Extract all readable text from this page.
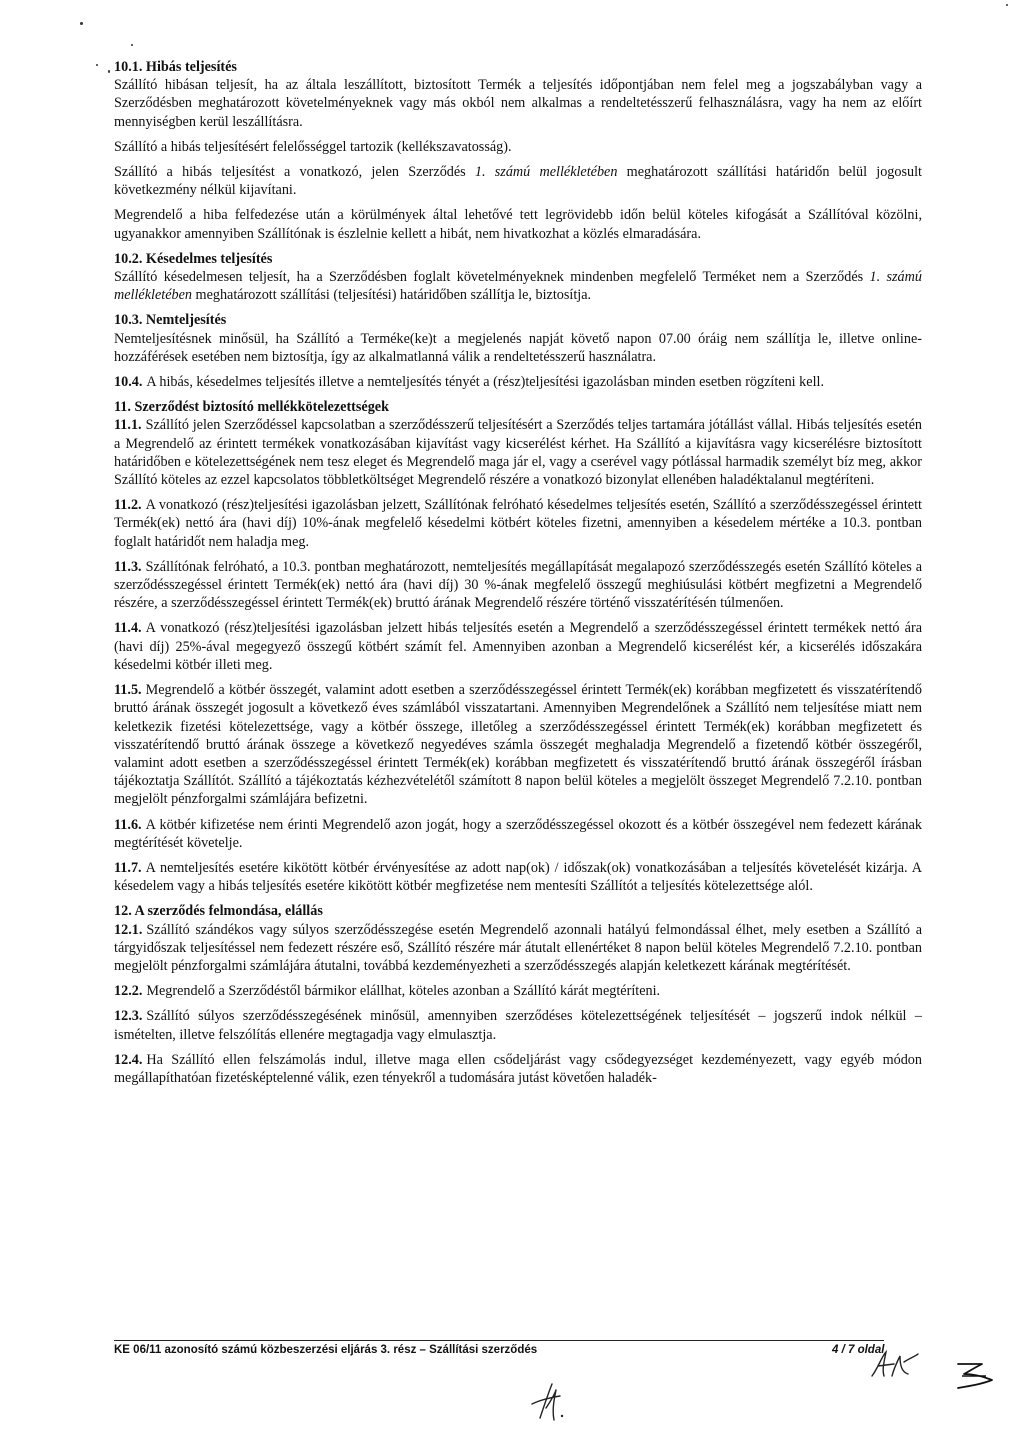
10.1. Hibás teljesítés

Szállító hibásan teljesít, ha az általa leszállított, biztosított Termék a teljesítés időpontjában nem felel meg a jogszabályban vagy a Szerződésben meghatározott követelményeknek vagy más okból nem alkalmas a rendeltetésszerű felhasználásra, vagy ha nem az előírt mennyiségben kerül leszállításra.

Szállító a hibás teljesítésért felelősséggel tartozik (kellékszavatosság).

Szállító a hibás teljesítést a vonatkozó, jelen Szerződés 1. számú mellékletében meghatározott szállítási határidőn belül jogosult következmény nélkül kijavítani.

Megrendelő a hiba felfedezése után a körülmények által lehetővé tett legrövidebb időn belül köteles kifogását a Szállítóval közölni, ugyanakkor amennyiben Szállítónak is észlelnie kellett a hibát, nem hivatkozhat a közlés elmaradására.

10.2. Késedelmes teljesítés

Szállító késedelmesen teljesít, ha a Szerződésben foglalt követelményeknek mindenben megfelelő Terméket nem a Szerződés 1. számú mellékletében meghatározott szállítási (teljesítési) határidőben szállítja le, biztosítja.

10.3. Nemteljesítés

Nemteljesítésnek minősül, ha Szállító a Terméke(ke)t a megjelenés napját követő napon 07.00 óráig nem szállítja le, illetve online-hozzáférések esetében nem biztosítja, így az alkalmatlanná válik a rendeltetésszerű használatra.

10.4. A hibás, késedelmes teljesítés illetve a nemteljesítés tényét a (rész)teljesítési igazolásban minden esetben rögzíteni kell.

11. Szerződést biztosító mellékkötelezettségek

11.1. Szállító jelen Szerződéssel kapcsolatban a szerződésszerű teljesítésért a Szerződés teljes tartamára jótállást vállal. Hibás teljesítés esetén a Megrendelő az érintett termékek vonatkozásában kijavítást vagy kicserélést kérhet. Ha Szállító a kijavításra vagy kicserélésre biztosított határidőben e kötelezettségének nem tesz eleget és Megrendelő maga jár el, vagy a cserével vagy pótlással harmadik személyt bíz meg, akkor Szállító köteles az ezzel kapcsolatos többletköltséget Megrendelő részére a vonatkozó bizonylat ellenében haladéktalanul megtéríteni.

11.2. A vonatkozó (rész)teljesítési igazolásban jelzett, Szállítónak felróható késedelmes teljesítés esetén, Szállító a szerződésszegéssel érintett Termék(ek) nettó ára (havi díj) 10%-ának megfelelő késedelmi kötbért köteles fizetni, amennyiben a késedelem mértéke a 10.3. pontban foglalt határidőt nem haladja meg.

11.3. Szállítónak felróható, a 10.3. pontban meghatározott, nemteljesítés megállapítását megalapozó szerződésszegés esetén Szállító köteles a szerződésszegéssel érintett Termék(ek) nettó ára (havi díj) 30 %-ának megfelelő összegű meghiúsulási kötbért megfizetni a Megrendelő részére, a szerződésszegéssel érintett Termék(ek) bruttó árának Megrendelő részére történő visszatérítésén túlmenően.

11.4. A vonatkozó (rész)teljesítési igazolásban jelzett hibás teljesítés esetén a Megrendelő a szerződésszegéssel érintett termékek nettó ára (havi díj) 25%-ával megegyező összegű kötbért számít fel. Amennyiben azonban a Megrendelő kicserélést kér, a kicserélés időszakára késedelmi kötbér illeti meg.

11.5. Megrendelő a kötbér összegét, valamint adott esetben a szerződésszegéssel érintett Termék(ek) korábban megfizetett és visszatérítendő bruttó árának összegét jogosult a következő éves számlából visszatartani. Amennyiben Megrendelőnek a Szállító nem teljesítése miatt nem keletkezik fizetési kötelezettsége, vagy a kötbér összege, illetőleg a szerződésszegéssel érintett Termék(ek) korábban megfizetett és visszatérítendő bruttó árának összege a következő negyedéves számla összegét meghaladja Megrendelő a fizetendő kötbér összegéről, valamint adott esetben a szerződésszegéssel érintett Termék(ek) korábban megfizetett és visszatérítendő bruttó árának összegéről írásban tájékoztatja Szállítót. Szállító a tájékoztatás kézhezvételétől számított 8 napon belül köteles a megjelölt összeget Megrendelő 7.2.10. pontban megjelölt pénzforgalmi számlájára befizetni.

11.6. A kötbér kifizetése nem érinti Megrendelő azon jogát, hogy a szerződésszegéssel okozott és a kötbér összegével nem fedezett kárának megtérítését követelje.

11.7. A nemteljesítés esetére kikötött kötbér érvényesítése az adott nap(ok) / időszak(ok) vonatkozásában a teljesítés követelését kizárja. A késedelem vagy a hibás teljesítés esetére kikötött kötbér megfizetése nem mentesíti Szállítót a teljesítés kötelezettsége alól.

12. A szerződés felmondása, elállás

12.1. Szállító szándékos vagy súlyos szerződésszegése esetén Megrendelő azonnali hatályú felmondással élhet, mely esetben a Szállító a tárgyidőszak teljesítéssel nem fedezett részére eső, Szállító részére már átutalt ellenértéket 8 napon belül köteles Megrendelő 7.2.10. pontban megjelölt pénzforgalmi számlájára átutalni, továbbá kezdeményezheti a szerződésszegés alapján keletkezett kárának megtérítését.

12.2. Megrendelő a Szerződéstől bármikor elállhat, köteles azonban a Szállító kárát megtéríteni.

12.3. Szállító súlyos szerződésszegésének minősül, amennyiben szerződéses kötelezettségének teljesítését – jogszerű indok nélkül – ismételten, illetve felszólítás ellenére megtagadja vagy elmulasztja.

12.4. Ha Szállító ellen felszámolás indul, illetve maga ellen csődeljárást vagy csődegyezséget kezdeményezett, vagy egyéb módon megállapíthatóan fizetésképtelenné válik, ezen tényekről a tudomására jutást követően haladék-

KE 06/11 azonosító számú közbeszerzési eljárás 3. rész – Szállítási szerződés	4 / 7 oldal
